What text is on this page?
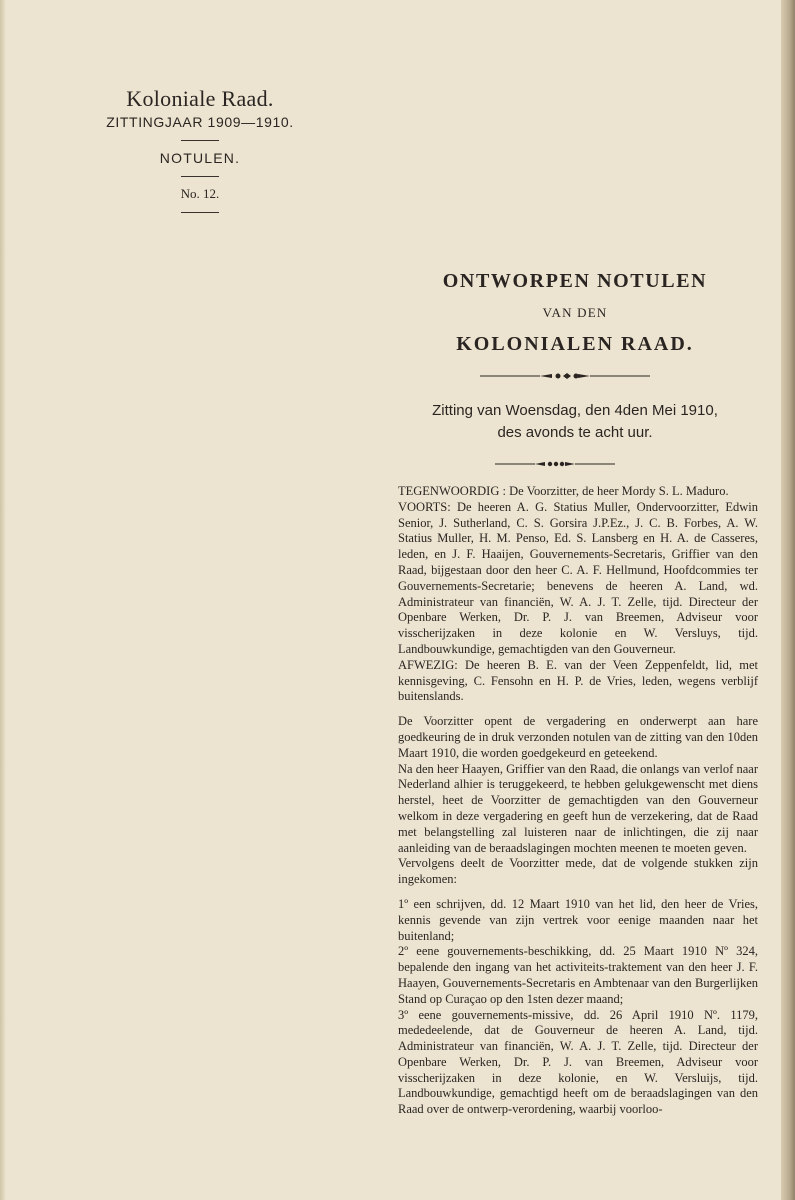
Koloniale Raad.
ZITTINGJAAR 1909—1910.
NOTULEN.
No. 12.
ONTWORPEN NOTULEN
VAN DEN
KOLONIALEN RAAD.
Zitting van Woensdag, den 4den Mei 1910,
des avonds te acht uur.

TEGENWOORDIG : De Voorzitter, de heer Mordy S. L. Maduro.

VOORTS: De heeren A. G. Statius Muller, Ondervoorzitter, Edwin Senior, J. Sutherland, C. S. Gorsira J.P.Ez., J. C. B. Forbes, A. W. Statius Muller, H. M. Penso, Ed. S. Lansberg en H. A. de Casseres, leden, en J. F. Haaijen, Gouvernements-Secretaris, Griffier van den Raad, bijgestaan door den heer C. A. F. Hellmund, Hoofdcommies ter Gouvernements-Secretarie; benevens de heeren A. Land, wd. Administrateur van financiën, W. A. J. T. Zelle, tijd. Directeur der Openbare Werken, Dr. P. J. van Breemen, Adviseur voor visscherijzaken in deze kolonie en W. Versluys, tijd. Landbouwkundige, gemachtigden van den Gouverneur.

AFWEZIG: De heeren B. E. van der Veen Zeppenfeldt, lid, met kennisgeving, C. Fensohn en H. P. de Vries, leden, wegens verblijf buitenslands.

De Voorzitter opent de vergadering en onderwerpt aan hare goedkeuring de in druk verzonden notulen van de zitting van den 10den Maart 1910, die worden goedgekeurd en geteekend.

Na den heer Haayen, Griffier van den Raad, die onlangs van verlof naar Nederland alhier is teruggekeerd, te hebben gelukgewenscht met diens herstel, heet de Voorzitter de gemachtigden van den Gouverneur welkom in deze vergadering en geeft hun de verzekering, dat de Raad met belangstelling zal luisteren naar de inlichtingen, die zij naar aanleiding van de beraadslagingen mochten meenen te moeten geven.

Vervolgens deelt de Voorzitter mede, dat de volgende stukken zijn ingekomen:

1º een schrijven, dd. 12 Maart 1910 van het lid, den heer de Vries, kennis gevende van zijn vertrek voor eenige maanden naar het buitenland;

2º eene gouvernements-beschikking, dd. 25 Maart 1910 Nº 324, bepalende den ingang van het activiteits-traktement van den heer J. F. Haayen, Gouvernements-Secretaris en Ambtenaar van den Burgerlijken Stand op Curaçao op den 1sten dezer maand;

3º eene gouvernements-missive, dd. 26 April 1910 Nº. 1179, mededeelende, dat de Gouverneur de heeren A. Land, tijd. Administrateur van financiën, W. A. J. T. Zelle, tijd. Directeur der Openbare Werken, Dr. P. J. van Breemen, Adviseur voor visscherijzaken in deze kolonie, en W. Versluijs, tijd. Landbouwkundige, gemachtigd heeft om de beraadslagingen van den Raad over de ontwerp-verordening, waarbij voorloo-
